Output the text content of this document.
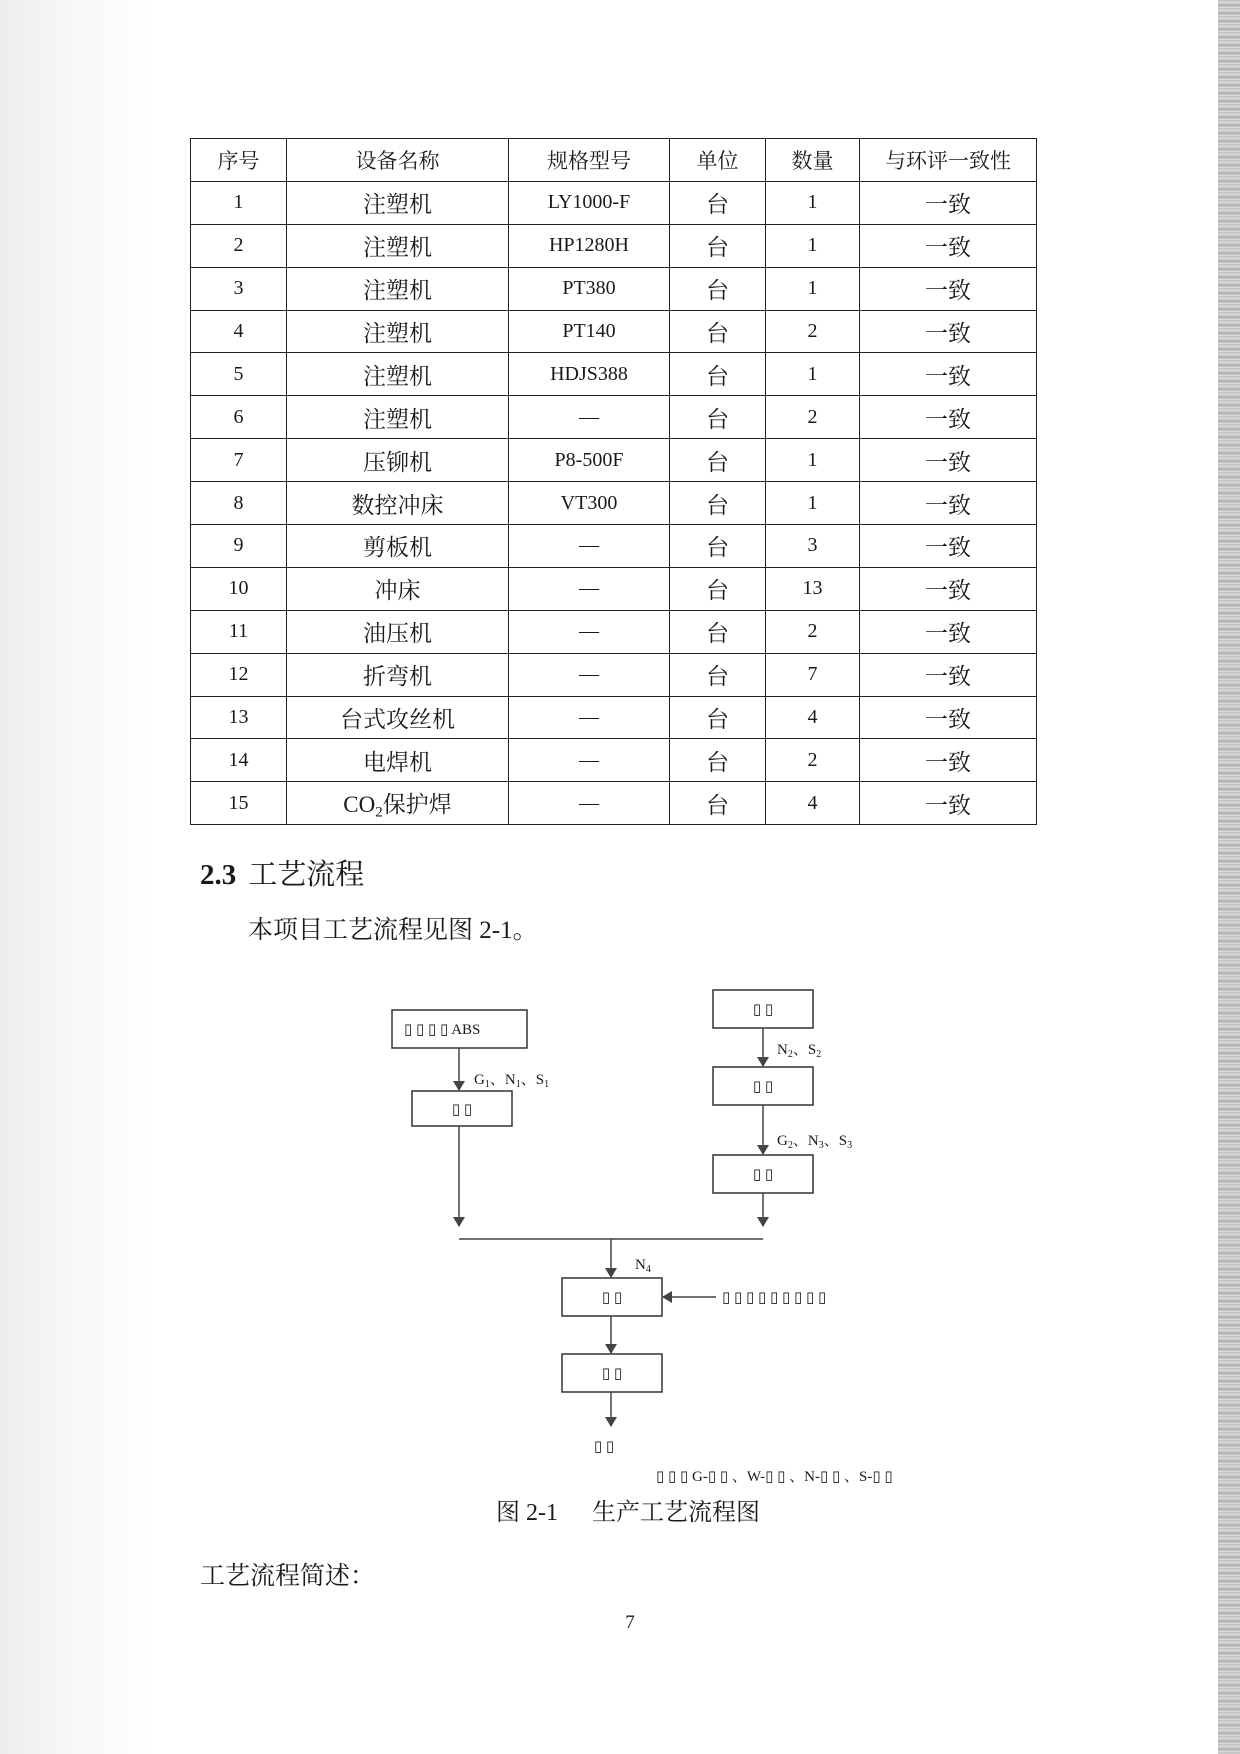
序号	设备名称	规格型号	单位	数量	与环评一致性
1	注塑机	LY1000-F	台	1	一致
2	注塑机	HP1280H	台	1	一致
3	注塑机	PT380	台	1	一致
4	注塑机	PT140	台	2	一致
5	注塑机	HDJS388	台	1	一致
6	注塑机	—	台	2	一致
7	压铆机	P8-500F	台	1	一致
8	数控冲床	VT300	台	1	一致
9	剪板机	—	台	3	一致
10	冲床	—	台	13	一致
11	油压机	—	台	2	一致
12	折弯机	—	台	7	一致
13	台式攻丝机	—	台	4	一致
14	电焊机	—	台	2	一致
15	$CO_2$保护焊	—	台	4	一致
2.3 工艺流程
本项目工艺流程见图 2-1。
▯ ▯ ▯ ▯ ABS
▯ ▯
▯ ▯
▯ ▯
▯ ▯
▯ ▯
▯ ▯
▯ ▯
▯ ▯ ▯ ▯ ▯ ▯ ▯ ▯ ▯
$G_1$、$N_1$、$S_1$
$N_2$、$S_2$
$G_2$、$N_3$、$S_3$
$N_4$
▯ ▯ ▯ G-▯ ▯ 、W-▯ ▯ 、N-▯ ▯ 、S-▯ ▯
图 2-1 生产工艺流程图
工艺流程简述：
7
